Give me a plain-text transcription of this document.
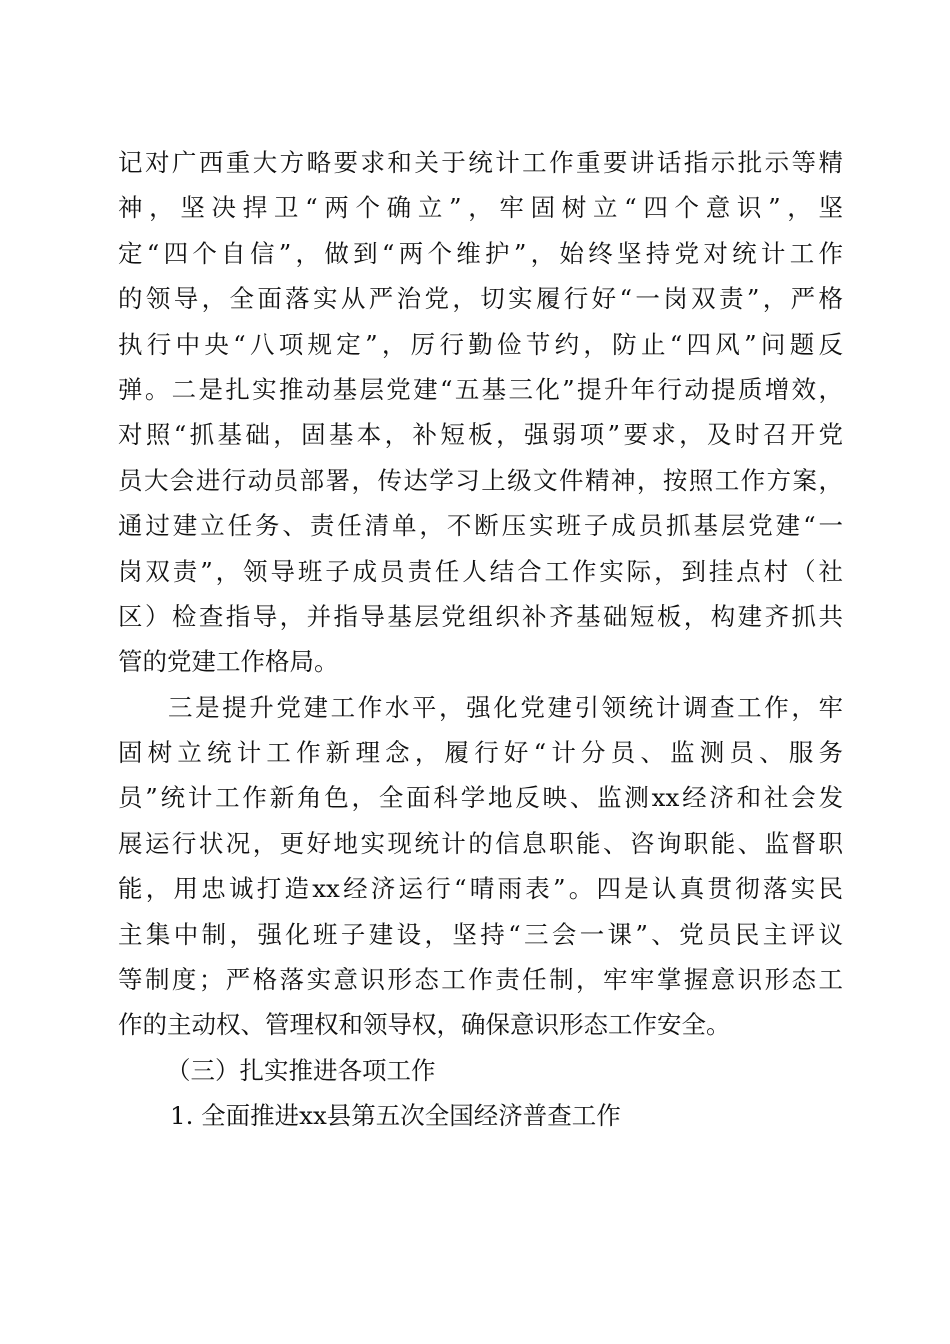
记对广西重大方略要求和关于统计工作重要讲话指示批示等精
神，坚决捍卫“两个确立”，牢固树立“四个意识”，坚
定“四个自信”，做到“两个维护”，始终坚持党对统计工作
的领导，全面落实从严治党，切实履行好“一岗双责”，严格
执行中央“八项规定”，厉行勤俭节约，防止“四风”问题反
弹。二是扎实推动基层党建“五基三化”提升年行动提质增效，
对照“抓基础，固基本，补短板，强弱项”要求，及时召开党
员大会进行动员部署，传达学习上级文件精神，按照工作方案，
通过建立任务、责任清单，不断压实班子成员抓基层党建“一
岗双责”，领导班子成员责任人结合工作实际，到挂点村（社
区）检查指导，并指导基层党组织补齐基础短板，构建齐抓共
管的党建工作格局。
三是提升党建工作水平，强化党建引领统计调查工作，牢
固树立统计工作新理念，履行好“计分员、监测员、服务
员”统计工作新角色，全面科学地反映、监测xx经济和社会发
展运行状况，更好地实现统计的信息职能、咨询职能、监督职
能，用忠诚打造xx经济运行“晴雨表”。四是认真贯彻落实民
主集中制，强化班子建设，坚持“三会一课”、党员民主评议
等制度；严格落实意识形态工作责任制，牢牢掌握意识形态工
作的主动权、管理权和领导权，确保意识形态工作安全。
（三）扎实推进各项工作
1. 全面推进xx县第五次全国经济普查工作
